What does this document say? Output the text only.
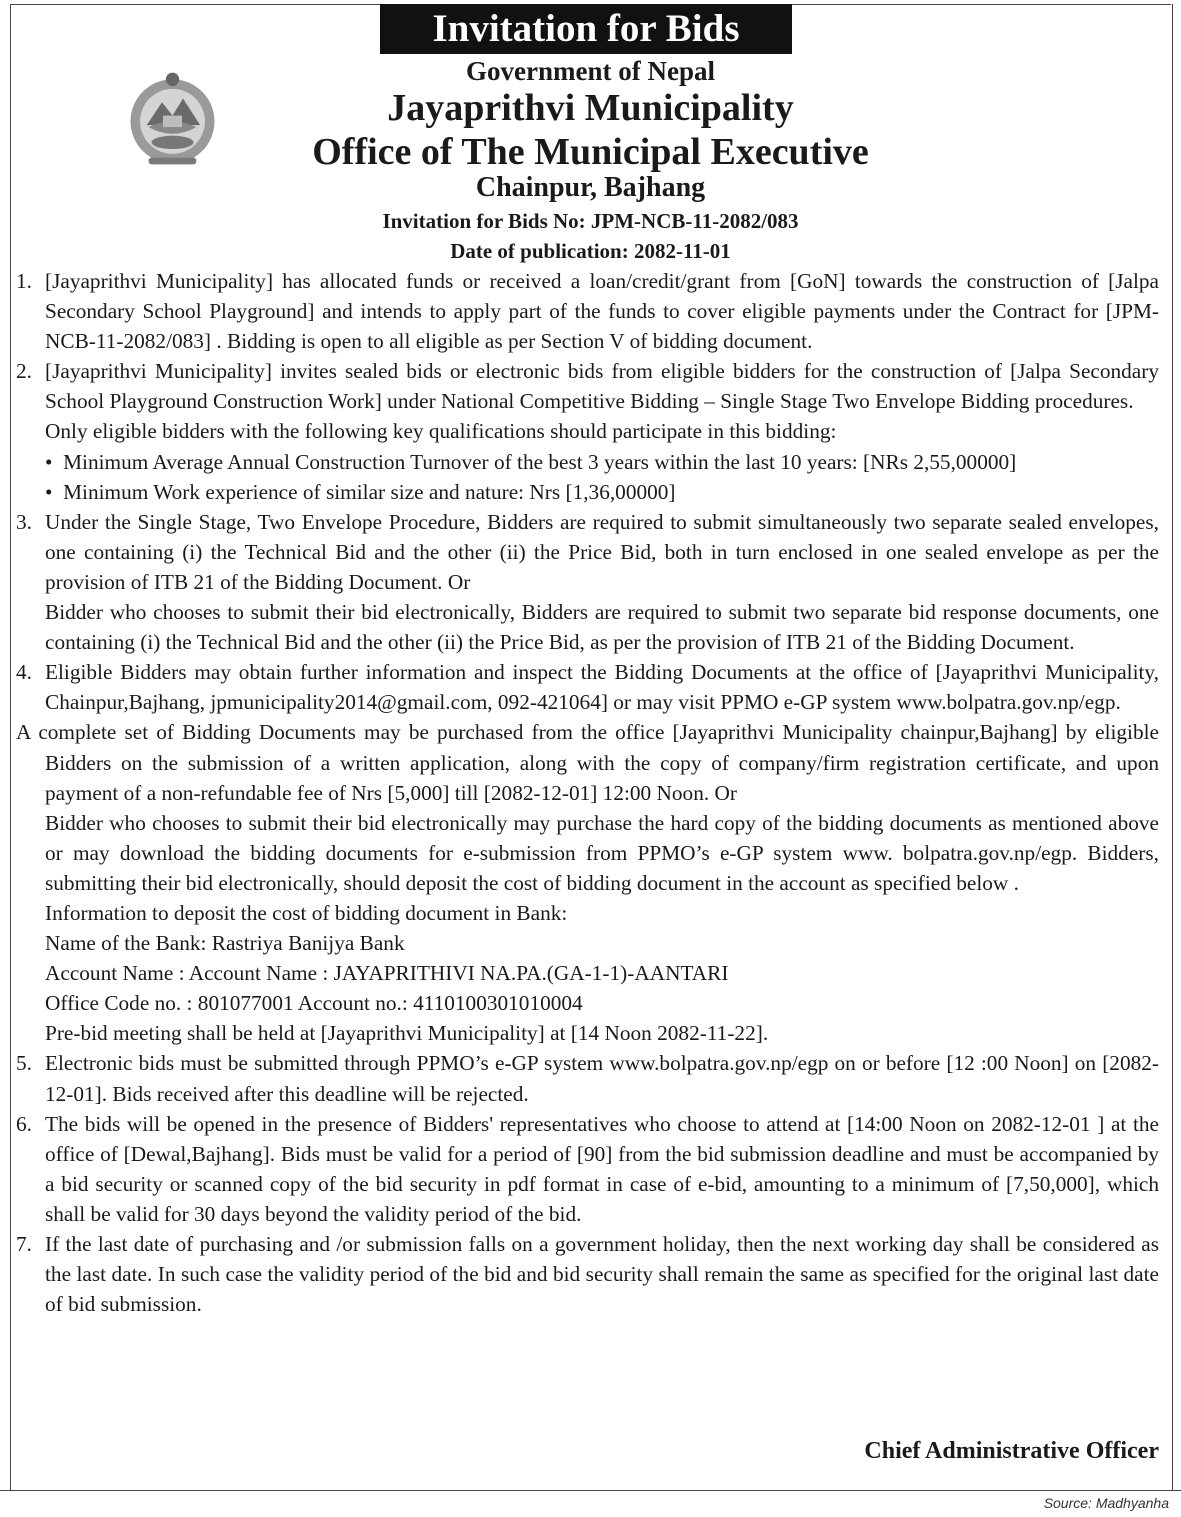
Invitation for Bids
Government of Nepal
Jayaprithvi Municipality
Office of The Municipal Executive
Chainpur, Bajhang
Invitation for Bids No: JPM-NCB-11-2082/083
Date of publication: 2082-11-01
1. [Jayaprithvi Municipality] has allocated funds or received a loan/credit/grant from [GoN] towards the construction of [Jalpa Secondary School Playground] and intends to apply part of the funds to cover eligible payments under the Contract for [JPM-NCB-11-2082/083] . Bidding is open to all eligible as per Section V of bidding document.

2. [Jayaprithvi Municipality] invites sealed bids or electronic bids from eligible bidders for the construction of [Jalpa Secondary School Playground Construction Work] under National Competitive Bidding – Single Stage Two Envelope Bidding procedures.

Only eligible bidders with the following key qualifications should participate in this bidding:

• Minimum Average Annual Construction Turnover of the best 3 years within the last 10 years: [NRs 2,55,00000]

• Minimum Work experience of similar size and nature: Nrs [1,36,00000]

3. Under the Single Stage, Two Envelope Procedure, Bidders are required to submit simultaneously two separate sealed envelopes, one containing (i) the Technical Bid and the other (ii) the Price Bid, both in turn enclosed in one sealed envelope as per the provision of ITB 21 of the Bidding Document. Or

Bidder who chooses to submit their bid electronically, Bidders are required to submit two separate bid response documents, one containing (i) the Technical Bid and the other (ii) the Price Bid, as per the provision of ITB 21 of the Bidding Document.

4. Eligible Bidders may obtain further information and inspect the Bidding Documents at the office of [Jayaprithvi Municipality, Chainpur,Bajhang, jpmunicipality2014@gmail.com, 092-421064] or may visit PPMO e-GP system www.bolpatra.gov.np/egp.

A complete set of Bidding Documents may be purchased from the office [Jayaprithvi Municipality chainpur,Bajhang] by eligible Bidders on the submission of a written application, along with the copy of company/firm registration certificate, and upon payment of a non-refundable fee of Nrs [5,000] till [2082-12-01] 12:00 Noon. Or

Bidder who chooses to submit their bid electronically may purchase the hard copy of the bidding documents as mentioned above or may download the bidding documents for e-submission from PPMO’s e-GP system www. bolpatra.gov.np/egp. Bidders, submitting their bid electronically, should deposit the cost of bidding document in the account as specified below .

Information to deposit the cost of bidding document in Bank:

Name of the Bank: Rastriya Banijya Bank

Account Name : Account Name : JAYAPRITHIVI NA.PA.(GA-1-1)-AANTARI

Office Code no. : 801077001 Account no.: 4110100301010004

Pre-bid meeting shall be held at [Jayaprithvi Municipality] at [14 Noon 2082-11-22].

5. Electronic bids must be submitted through PPMO’s e-GP system www.bolpatra.gov.np/egp on or before [12 :00 Noon] on [2082-12-01]. Bids received after this deadline will be rejected.

6. The bids will be opened in the presence of Bidders' representatives who choose to attend at [14:00 Noon on 2082-12-01 ] at the office of [Dewal,Bajhang]. Bids must be valid for a period of [90] from the bid submission deadline and must be accompanied by a bid security or scanned copy of the bid security in pdf format in case of e-bid, amounting to a minimum of [7,50,000], which shall be valid for 30 days beyond the validity period of the bid.

7. If the last date of purchasing and /or submission falls on a government holiday, then the next working day shall be considered as the last date. In such case the validity period of the bid and bid security shall remain the same as specified for the original last date of bid submission.

Chief Administrative Officer
Source: Madhyanha
